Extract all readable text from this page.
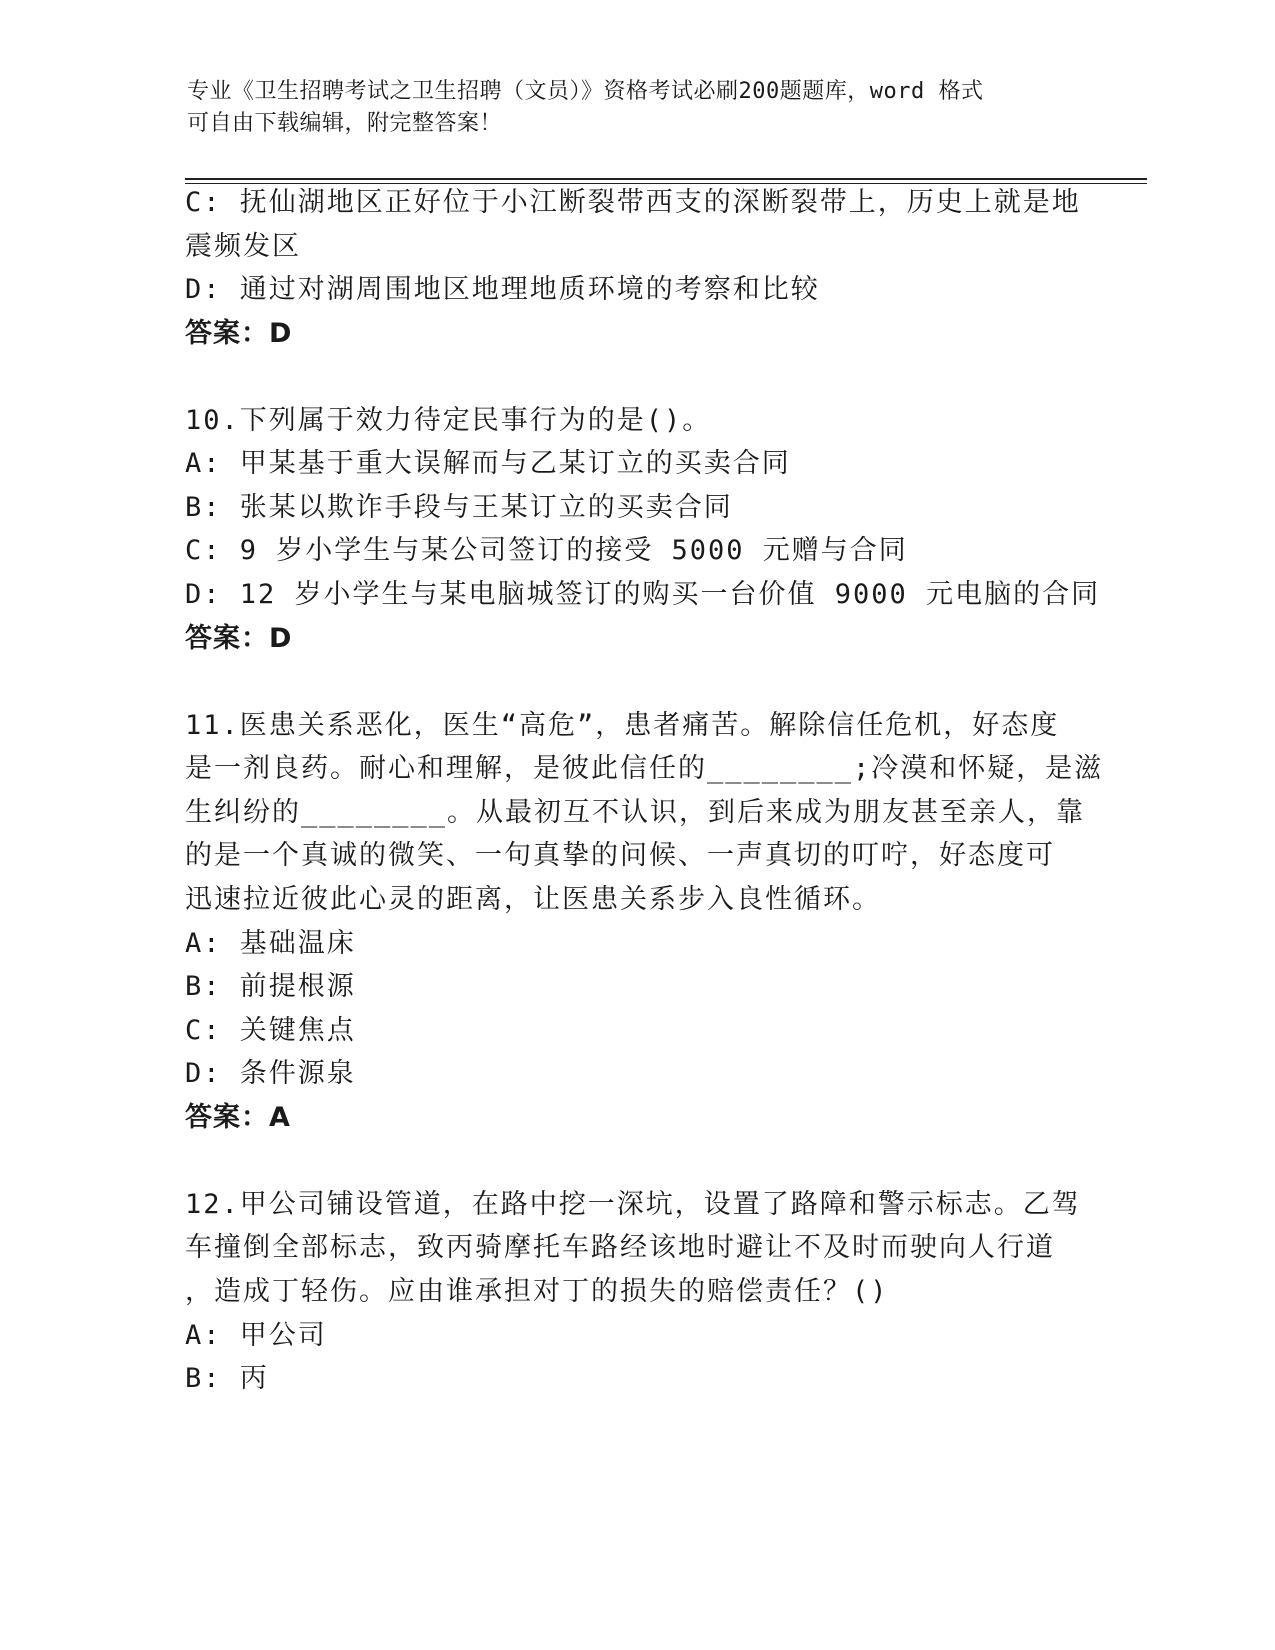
专业《卫生招聘考试之卫生招聘（文员）》资格考试必刷200题题库，word 格式
可自由下载编辑，附完整答案！
C: 抚仙湖地区正好位于小江断裂带西支的深断裂带上，历史上就是地
震频发区
D: 通过对湖周围地区地理地质环境的考察和比较
答案：D
10.下列属于效力待定民事行为的是()。
A: 甲某基于重大误解而与乙某订立的买卖合同
B: 张某以欺诈手段与王某订立的买卖合同
C: 9 岁小学生与某公司签订的接受 5000 元赠与合同
D: 12 岁小学生与某电脑城签订的购买一台价值 9000 元电脑的合同
答案：D
11.医患关系恶化，医生“高危”，患者痛苦。解除信任危机，好态度
是一剂良药。耐心和理解，是彼此信任的________;冷漠和怀疑，是滋
生纠纷的________。从最初互不认识，到后来成为朋友甚至亲人，靠
的是一个真诚的微笑、一句真挚的问候、一声真切的叮咛，好态度可
迅速拉近彼此心灵的距离，让医患关系步入良性循环。
A: 基础温床
B: 前提根源
C: 关键焦点
D: 条件源泉
答案：A
12.甲公司铺设管道，在路中挖一深坑，设置了路障和警示标志。乙驾
车撞倒全部标志，致丙骑摩托车路经该地时避让不及时而驶向人行道
，造成丁轻伤。应由谁承担对丁的损失的赔偿责任？()
A: 甲公司
B: 丙
